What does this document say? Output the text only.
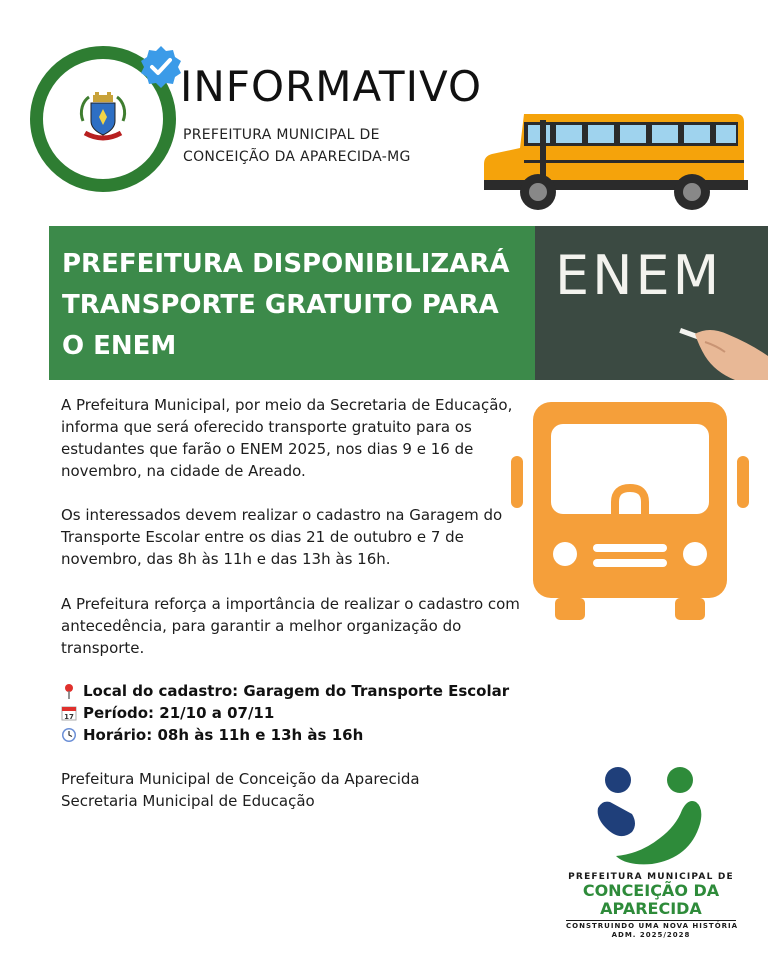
INFORMATIVO
PREFEITURA MUNICIPAL DE
CONCEIÇÃO DA APARECIDA-MG
PREFEITURA DISPONIBILIZARÁ
TRANSPORTE GRATUITO PARA
O ENEM
ENEM
A Prefeitura Municipal, por meio da Secretaria de Educação,
informa que será oferecido transporte gratuito para os
estudantes que farão o ENEM 2025, nos dias 9 e 16 de
novembro, na cidade de Areado.
Os interessados devem realizar o cadastro na Garagem do
Transporte Escolar entre os dias 21 de outubro e 7 de
novembro, das 8h às 11h e das 13h às 16h.
A Prefeitura reforça a importância de realizar o cadastro com
antecedência, para garantir a melhor organização do
transporte.
Local do cadastro: Garagem do Transporte Escolar
17 Período: 21/10 a 07/11
Horário: 08h às 11h e 13h às 16h
Prefeitura Municipal de Conceição da Aparecida
Secretaria Municipal de Educação
PREFEITURA MUNICIPAL DE
CONCEIÇÃO DA
APARECIDA
CONSTRUINDO UMA NOVA HISTÓRIA
ADM. 2025/2028
